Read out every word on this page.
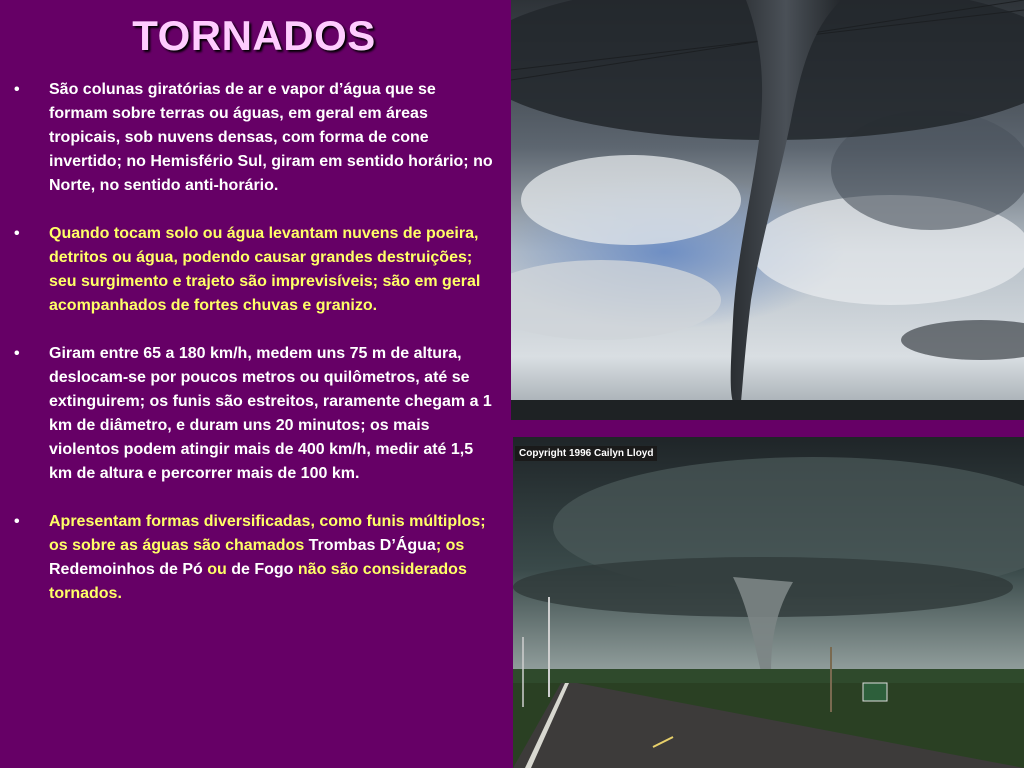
TORNADOS
•	São colunas giratórias de ar e vapor d’água que se formam sobre terras ou águas, em geral em áreas tropicais, sob nuvens densas, com forma de cone invertido; no Hemisfério Sul, giram em sentido horário; no Norte, no sentido anti-horário.
•	Quando tocam solo ou água levantam nuvens de poeira, detritos ou água, podendo causar grandes destruições; seu surgimento e trajeto são imprevisíveis; são em geral acompanhados de fortes chuvas e granizo.
•	Giram entre 65 a 180 km/h, medem uns 75 m de altura, deslocam-se por poucos metros ou quilômetros, até se extinguirem; os funis são estreitos, raramente chegam a 1 km de diâmetro, e duram uns 20 minutos; os mais violentos podem atingir mais de 400 km/h, medir até 1,5 km de altura e percorrer mais de 100 km.
•	Apresentam formas diversificadas, como funis múltiplos; os sobre as águas são chamados Trombas D’Água; os Redemoinhos de Pó ou de Fogo não são considerados tornados.
Copyright 1996 Cailyn Lloyd
